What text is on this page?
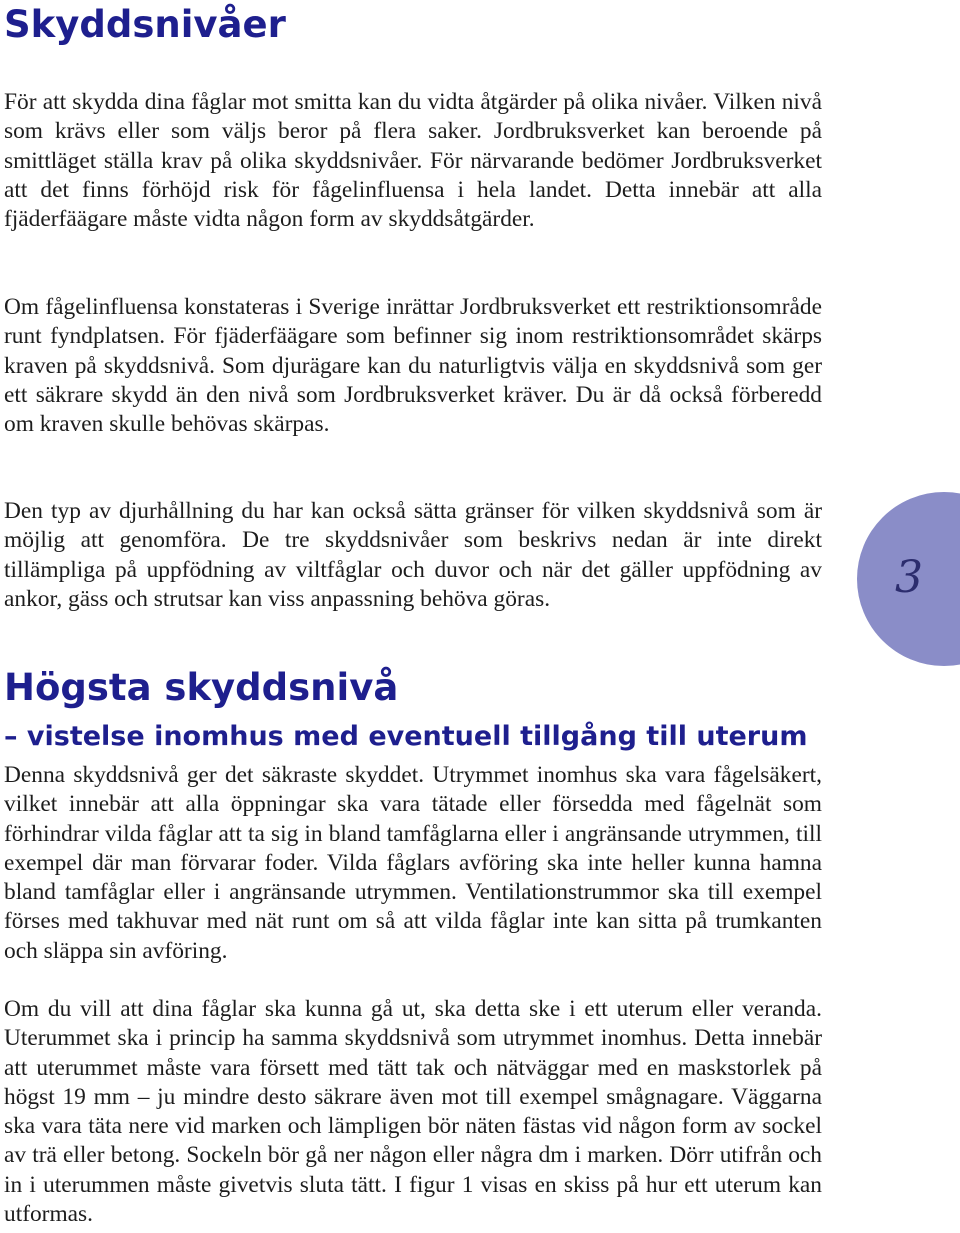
Skyddsnivåer

För att skydda dina fåglar mot smitta kan du vidta åtgärder på olika nivåer. Vilken nivå som krävs eller som väljs beror på flera saker. Jordbruksverket kan beroende på smittläget ställa krav på olika skyddsnivåer. För närvarande bedömer Jordbruksverket att det finns förhöjd risk för fågelinfluensa i hela landet. Detta innebär att alla fjäderfäägare måste vidta någon form av skyddsåtgärder.

Om fågelinfluensa konstateras i Sverige inrättar Jordbruksverket ett restriktionsområde runt fyndplatsen. För fjäderfäägare som befinner sig inom restriktionsområdet skärps kraven på skyddsnivå. Som djurägare kan du naturligtvis välja en skyddsnivå som ger ett säkrare skydd än den nivå som Jordbruksverket kräver. Du är då också förberedd om kraven skulle behövas skärpas.

Den typ av djurhållning du har kan också sätta gränser för vilken skyddsnivå som är möjlig att genomföra. De tre skyddsnivåer som beskrivs nedan är inte direkt tillämpliga på uppfödning av viltfåglar och duvor och när det gäller uppfödning av ankor, gäss och strutsar kan viss anpassning behöva göras.	3
Högsta skyddsnivå
– vistelse inomhus med eventuell tillgång till uterum

Denna skyddsnivå ger det säkraste skyddet. Utrymmet inomhus ska vara fågelsäkert, vilket innebär att alla öppningar ska vara tätade eller försedda med fågelnät som förhindrar vilda fåglar att ta sig in bland tamfåglarna eller i angränsande utrymmen, till exempel där man förvarar foder. Vilda fåglars avföring ska inte heller kunna hamna bland tamfåglar eller i angränsande utrymmen. Ventilationstrummor ska till exempel förses med takhuvar med nät runt om så att vilda fåglar inte kan sitta på trumkanten och släppa sin avföring.

Om du vill att dina fåglar ska kunna gå ut, ska detta ske i ett uterum eller veranda. Uterummet ska i princip ha samma skyddsnivå som utrymmet inomhus. Detta innebär att uterummet måste vara försett med tätt tak och nätväggar med en maskstorlek på högst 19 mm – ju mindre desto säkrare även mot till exempel smågnagare. Väggarna ska vara täta nere vid marken och lämpligen bör näten fästas vid någon form av sockel av trä eller betong. Sockeln bör gå ner någon eller några dm i marken. Dörr utifrån och in i uterummen måste givetvis sluta tätt. I figur 1 visas en skiss på hur ett uterum kan utformas.
